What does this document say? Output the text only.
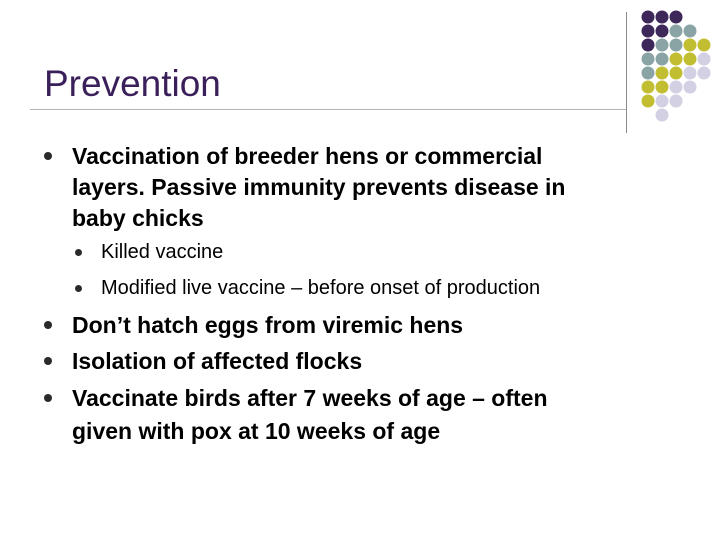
Prevention
Vaccination of breeder hens or commercial
layers. Passive immunity prevents disease in
baby chicks
Killed vaccine
Modified live vaccine – before onset of production
Don’t hatch eggs from viremic hens
Isolation of affected flocks
Vaccinate birds after 7 weeks of age – often
given with pox at 10 weeks of age
